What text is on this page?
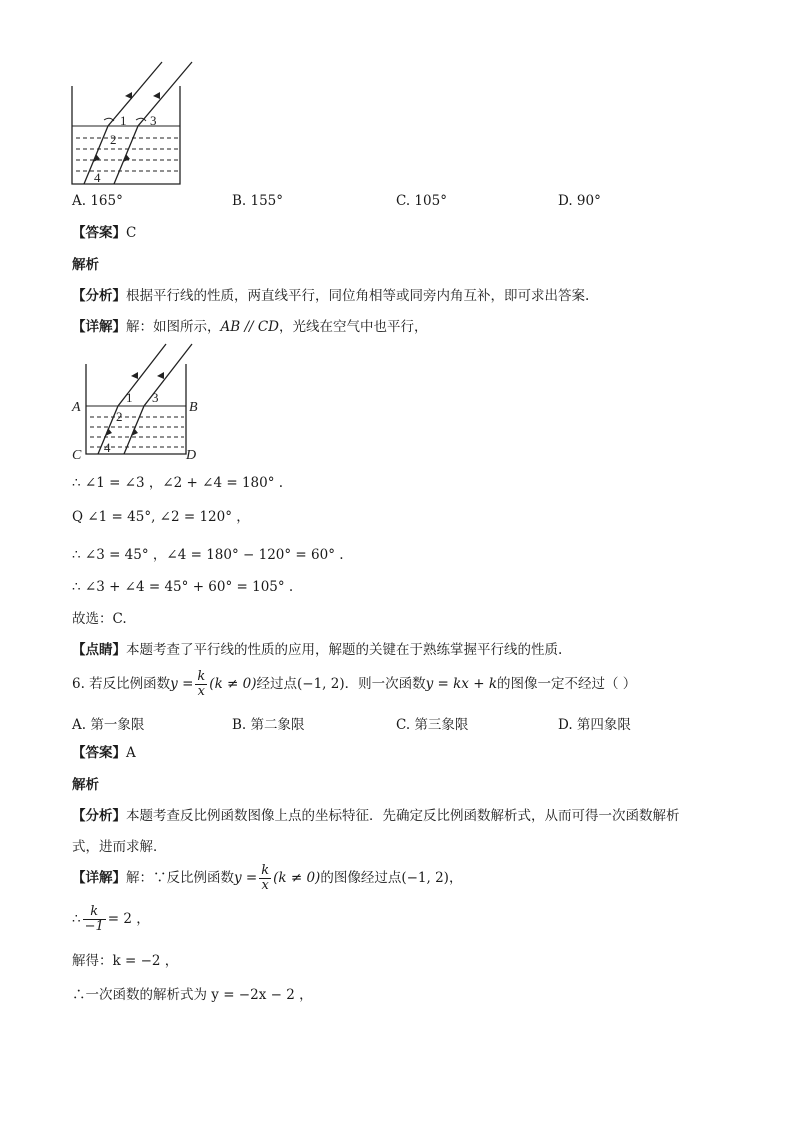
1
2
3
4
A. 165°	B. 155°	C. 105°	D. 90°
【答案】C
解析
【分析】根据平行线的性质，两直线平行，同位角相等或同旁内角互补，即可求出答案.
【详解】解：如图所示，AB // CD，光线在空气中也平行，
1
2
3
4
A	B
C	D
∴ ∠1 = ∠3 ，∠2 + ∠4 = 180° .
Q ∠1 = 45°, ∠2 = 120° ，
∴ ∠3 = 45° ，∠4 = 180° − 120° = 60° .
∴ ∠3 + ∠4 = 45° + 60° = 105° .
故选：C.
【点睛】本题考查了平行线的性质的应用，解题的关键在于熟练掌握平行线的性质.
6. 若反比例函数$y = \frac{k}{x} (k \ne 0)$经过点(−1, 2)．则一次函数y = kx + k的图像一定不经过（ ）
A. 第一象限	B. 第二象限	C. 第三象限	D. 第四象限
【答案】A
解析
【分析】本题考查反比例函数图像上点的坐标特征．先确定反比例函数解析式，从而可得一次函数解析
式，进而求解．
【详解】解：∵反比例函数$y = \frac{k}{x} (k \ne 0)$的图像经过点(−1, 2)，
∴ $\frac{k}{-1} = 2$ ，
解得：k = −2 ，
∴一次函数的解析式为 y = −2x − 2 ，
